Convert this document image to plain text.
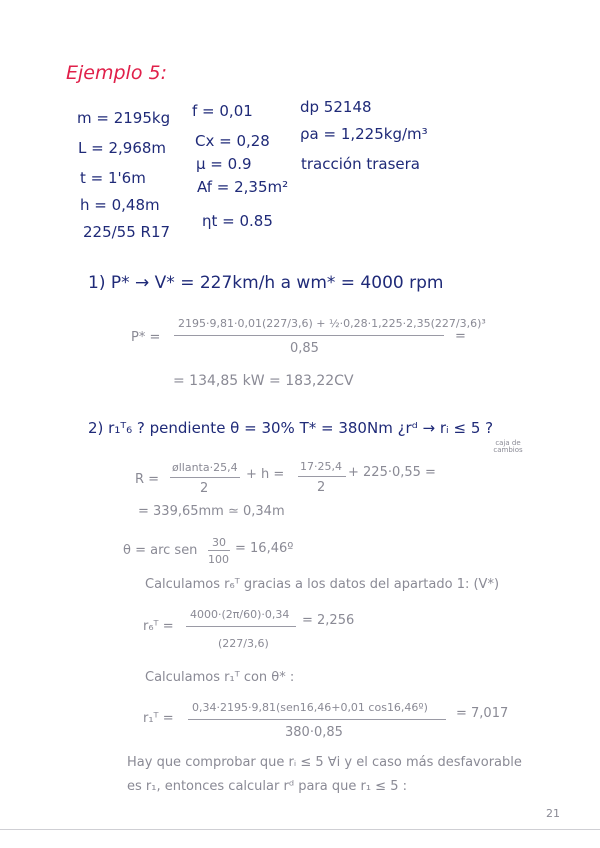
Ejemplo 5:
m = 2195kg
L = 2,968m
t = 1'6m
h = 0,48m
225/55 R17
f = 0,01
Cx = 0,28
μ = 0.9
Af = 2,35m²
ηt = 0.85
dp 52148
ρa = 1,225kg/m³
tracción trasera
1) P* → V* = 227km/h a wm* = 4000 rpm
P* =
2195·9,81·0,01(227/3,6) + ½·0,28·1,225·2,35(227/3,6)³
0,85
=
= 134,85 kW = 183,22CV
2) r₁ᵀ₆ ? pendiente θ = 30% T* = 380Nm ¿rᵈ → rᵢ ≤ 5 ?
caja de cambios
R =
øllanta·25,4
2
+ h =
17·25,4
2
+ 225·0,55 =
= 339,65mm ≃ 0,34m
θ = arc sen
30
100
= 16,46º
Calculamos r₆ᵀ gracias a los datos del apartado 1: (V*)
r₆ᵀ =
4000·(2π/60)·0,34
(227/3,6)
= 2,256
Calculamos r₁ᵀ con θ* :
r₁ᵀ =
0,34·2195·9,81(sen16,46+0,01 cos16,46º)
380·0,85
= 7,017
Hay que comprobar que rᵢ ≤ 5 ∀i y el caso más desfavorable
es r₁, entonces calcular rᵈ para que r₁ ≤ 5 :
21
